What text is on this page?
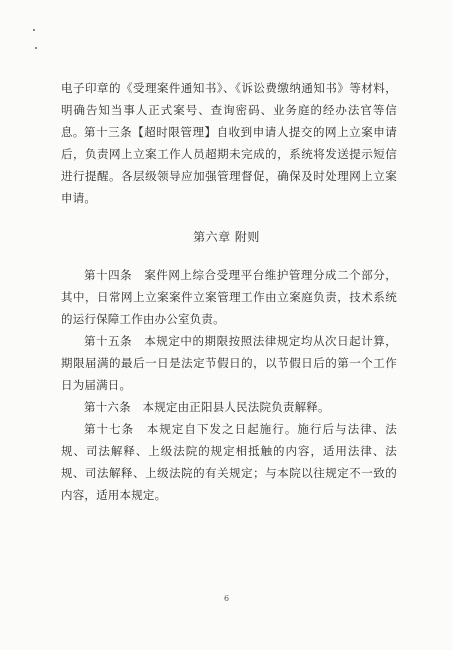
电子印章的《受理案件通知书》、《诉讼费缴纳通知书》等材料，明确告知当事人正式案号、查询密码、业务庭的经办法官等信息。 第十三条【超时限管理】自收到申请人提交的网上立案申请后，负责网上立案工作人员超期未完成的，系统将发送提示短信进行提醒。各层级领导应加强管理督促，确保及时处理网上立案申请。

第六章 附则

第十四条　案件网上综合受理平台维护管理分成二个部分，其中，日常网上立案案件立案管理工作由立案庭负责，技术系统的运行保障工作由办公室负责。

第十五条　本规定中的期限按照法律规定均从次日起计算，期限届满的最后一日是法定节假日的，以节假日后的第一个工作日为届满日。

第十六条　本规定由正阳县人民法院负责解释。

第十七条　本规定自下发之日起施行。施行后与法律、法规、司法解释、上级法院的规定相抵触的内容，适用法律、法规、司法解释、上级法院的有关规定；与本院以往规定不一致的内容，适用本规定。

6
